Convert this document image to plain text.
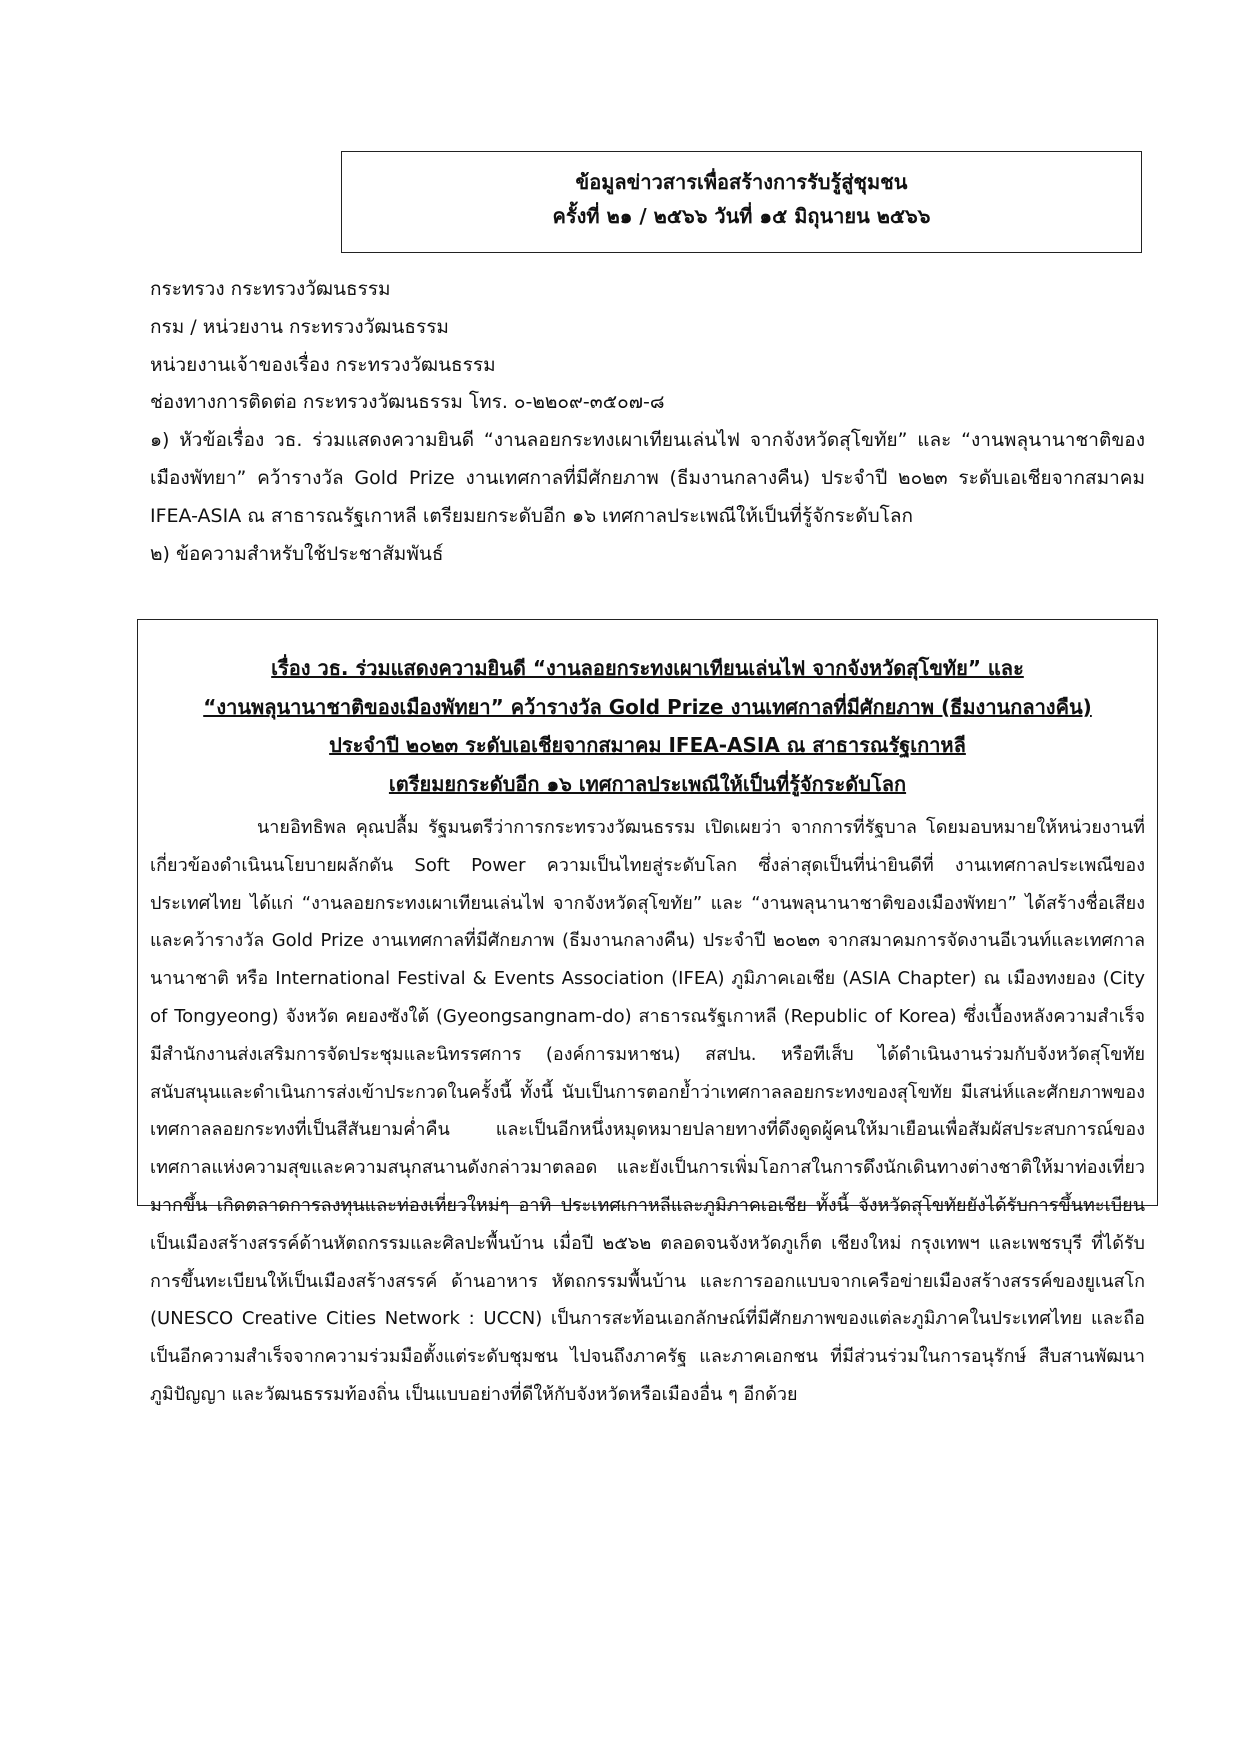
ข้อมูลข่าวสารเพื่อสร้างการรับรู้สู่ชุมชน
ครั้งที่ ๒๑ / ๒๕๖๖ วันที่ ๑๕ มิถุนายน ๒๕๖๖
กระทรวง กระทรวงวัฒนธรรม
กรม / หน่วยงาน กระทรวงวัฒนธรรม
หน่วยงานเจ้าของเรื่อง กระทรวงวัฒนธรรม
ช่องทางการติดต่อ กระทรวงวัฒนธรรม โทร. ๐-๒๒๐๙-๓๕๐๗-๘
๑) หัวข้อเรื่อง วธ. ร่วมแสดงความยินดี “งานลอยกระทงเผาเทียนเล่นไฟ จากจังหวัดสุโขทัย” และ “งานพลุนานาชาติของเมืองพัทยา” คว้ารางวัล Gold Prize งานเทศกาลที่มีศักยภาพ (ธีมงานกลางคืน) ประจำปี ๒๐๒๓ ระดับเอเชียจากสมาคม IFEA-ASIA ณ สาธารณรัฐเกาหลี เตรียมยกระดับอีก ๑๖ เทศกาลประเพณีให้เป็นที่รู้จักระดับโลก
๒) ข้อความสำหรับใช้ประชาสัมพันธ์
เรื่อง วธ. ร่วมแสดงความยินดี “งานลอยกระทงเผาเทียนเล่นไฟ จากจังหวัดสุโขทัย” และ
“งานพลุนานาชาติของเมืองพัทยา” คว้ารางวัล Gold Prize งานเทศกาลที่มีศักยภาพ (ธีมงานกลางคืน)
ประจำปี ๒๐๒๓ ระดับเอเชียจากสมาคม IFEA-ASIA ณ สาธารณรัฐเกาหลี
เตรียมยกระดับอีก ๑๖ เทศกาลประเพณีให้เป็นที่รู้จักระดับโลก

นายอิทธิพล คุณปลื้ม รัฐมนตรีว่าการกระทรวงวัฒนธรรม เปิดเผยว่า จากการที่รัฐบาล โดยมอบหมายให้หน่วยงานที่เกี่ยวข้องดำเนินนโยบายผลักดัน Soft Power ความเป็นไทยสู่ระดับโลก ซึ่งล่าสุดเป็นที่น่ายินดีที่ งานเทศกาลประเพณีของประเทศไทย ได้แก่ “งานลอยกระทงเผาเทียนเล่นไฟ จากจังหวัดสุโขทัย” และ “งานพลุนานาชาติของเมืองพัทยา” ได้สร้างชื่อเสียงและคว้ารางวัล Gold Prize งานเทศกาลที่มีศักยภาพ (ธีมงานกลางคืน) ประจำปี ๒๐๒๓ จากสมาคมการจัดงานอีเวนท์และเทศกาลนานาชาติ หรือ International Festival & Events Association (IFEA) ภูมิภาคเอเชีย (ASIA Chapter) ณ เมืองทงยอง (City of Tongyeong) จังหวัด คยองซังใต้ (Gyeongsangnam-do) สาธารณรัฐเกาหลี (Republic of Korea) ซึ่งเบื้องหลังความสำเร็จมีสำนักงานส่งเสริมการจัดประชุมและนิทรรศการ (องค์การมหาชน) สสปน. หรือทีเส็บ ได้ดำเนินงานร่วมกับจังหวัดสุโขทัย สนับสนุนและดำเนินการส่งเข้าประกวดในครั้งนี้ ทั้งนี้ นับเป็นการตอกย้ำว่าเทศกาลลอยกระทงของสุโขทัย มีเสน่ห์และศักยภาพของเทศกาลลอยกระทงที่เป็นสีสันยามค่ำคืน และเป็นอีกหนึ่งหมุดหมายปลายทางที่ดึงดูดผู้คนให้มาเยือนเพื่อสัมผัสประสบการณ์ของเทศกาลแห่งความสุขและความสนุกสนานดังกล่าวมาตลอด และยังเป็นการเพิ่มโอกาสในการดึงนักเดินทางต่างชาติให้มาท่องเที่ยวมากขึ้น เกิดตลาดการลงทุนและท่องเที่ยวใหม่ๆ อาทิ ประเทศเกาหลีและภูมิภาคเอเชีย ทั้งนี้ จังหวัดสุโขทัยยังได้รับการขึ้นทะเบียนเป็นเมืองสร้างสรรค์ด้านหัตถกรรมและศิลปะพื้นบ้าน เมื่อปี ๒๕๖๒ ตลอดจนจังหวัดภูเก็ต เชียงใหม่ กรุงเทพฯ และเพชรบุรี ที่ได้รับการขึ้นทะเบียนให้เป็นเมืองสร้างสรรค์ ด้านอาหาร หัตถกรรมพื้นบ้าน และการออกแบบจากเครือข่ายเมืองสร้างสรรค์ของยูเนสโก (UNESCO Creative Cities Network : UCCN) เป็นการสะท้อนเอกลักษณ์ที่มีศักยภาพของแต่ละภูมิภาคในประเทศไทย และถือเป็นอีกความสำเร็จจากความร่วมมือตั้งแต่ระดับชุมชน ไปจนถึงภาครัฐ และภาคเอกชน ที่มีส่วนร่วมในการอนุรักษ์ สืบสานพัฒนาภูมิปัญญา และวัฒนธรรมท้องถิ่น เป็นแบบอย่างที่ดีให้กับจังหวัดหรือเมืองอื่น ๆ อีกด้วย
